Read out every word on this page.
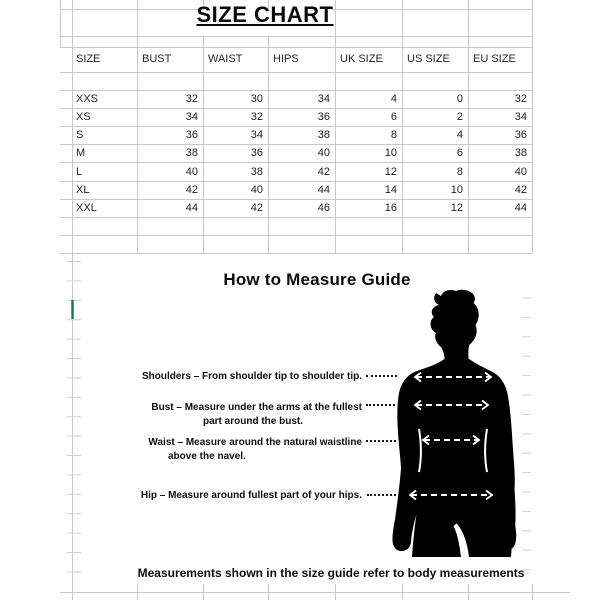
SIZE CHART
SIZE	BUST	WAIST	HIPS	UK SIZE	US SIZE	EU SIZE
XXS	32	30	34	4	0	32
XS	34	32	36	6	2	34
S	36	34	38	8	4	36
M	38	36	40	10	6	38
L	40	38	42	12	8	40
XL	42	40	44	14	10	42
XXL	44	42	46	16	12	44
How to Measure Guide
Shoulders – From shoulder tip to shoulder tip.
Bust – Measure under the arms at the fullest
part around the bust.
Waist – Measure around the natural waistline
above the navel.
Hip – Measure around fullest part of your hips.
Measurements shown in the size guide refer to body measurements
